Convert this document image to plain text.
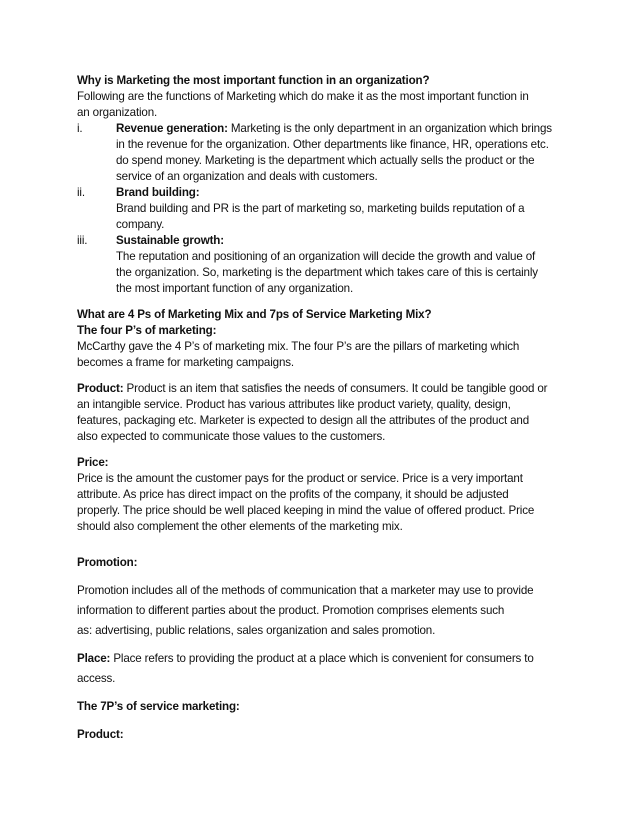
Why is Marketing the most important function in an organization?
Following are the functions of Marketing which do make it as the most important function in
an organization.
i.	Revenue generation: Marketing is the only department in an organization which brings
in the revenue for the organization. Other departments like finance, HR, operations etc.
do spend money. Marketing is the department which actually sells the product or the
service of an organization and deals with customers.
ii.	Brand building:
Brand building and PR is the part of marketing so, marketing builds reputation of a
company.
iii. Sustainable growth:
The reputation and positioning of an organization will decide the growth and value of
the organization. So, marketing is the department which takes care of this is certainly
the most important function of any organization.
What are 4 Ps of Marketing Mix and 7ps of Service Marketing Mix?
The four P’s of marketing:
McCarthy gave the 4 P’s of marketing mix. The four P’s are the pillars of marketing which
becomes a frame for marketing campaigns.
Product: Product is an item that satisfies the needs of consumers. It could be tangible good or
an intangible service. Product has various attributes like product variety, quality, design,
features, packaging etc. Marketer is expected to design all the attributes of the product and
also expected to communicate those values to the customers.
Price:
Price is the amount the customer pays for the product or service. Price is a very important
attribute. As price has direct impact on the profits of the company, it should be adjusted
properly. The price should be well placed keeping in mind the value of offered product. Price
should also complement the other elements of the marketing mix.
Promotion:
Promotion includes all of the methods of communication that a marketer may use to provide
information to different parties about the product. Promotion comprises elements such
as: advertising, public relations, sales organization and sales promotion.
Place: Place refers to providing the product at a place which is convenient for consumers to
access.
The 7P’s of service marketing:
Product:
